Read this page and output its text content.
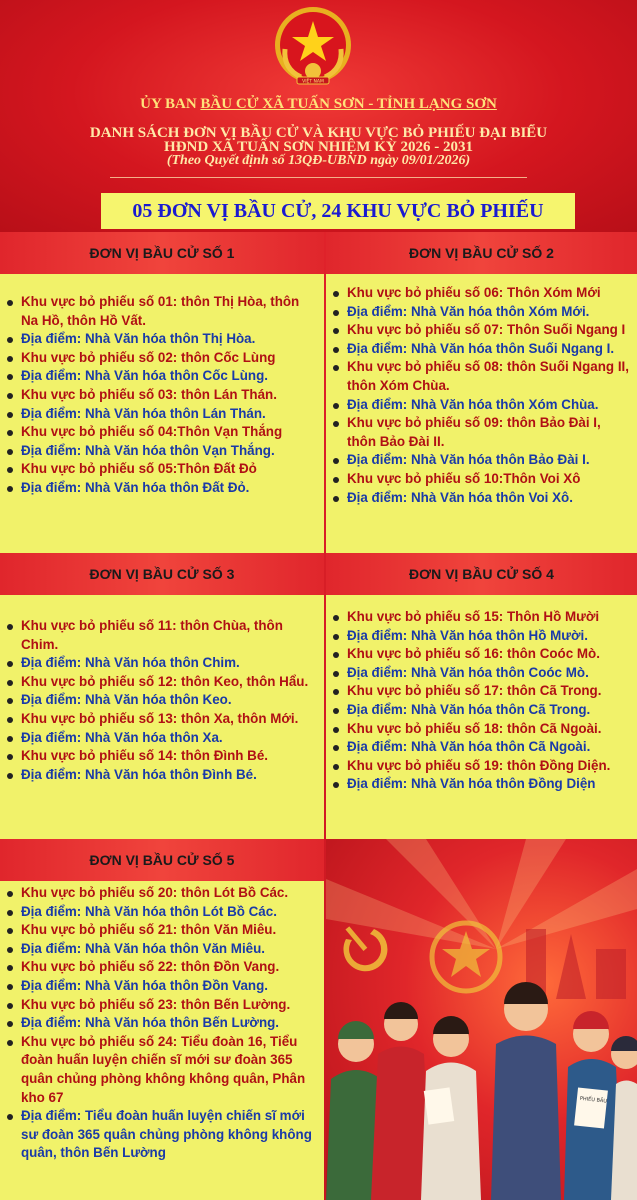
VIỆT NAM
ỦY BAN BẦU CỬ XÃ TUẤN SƠN - TỈNH LẠNG SƠN
DANH SÁCH ĐƠN VỊ BẦU CỬ VÀ KHU VỰC BỎ PHIẾU ĐẠI BIỂU
HĐND XÃ TUẤN SƠN NHIỆM KỲ 2026 - 2031
(Theo Quyết định số 13QĐ-UBND ngày 09/01/2026)
05 ĐƠN VỊ BẦU CỬ, 24 KHU VỰC BỎ PHIẾU
ĐƠN VỊ BẦU CỬ SỐ 1
Khu vực bỏ phiếu số 01: thôn Thị Hòa, thôn Na Hồ, thôn Hồ Vất.
Địa điểm: Nhà Văn hóa thôn Thị Hòa.
Khu vực bỏ phiếu số 02: thôn Cốc Lùng
Địa điểm: Nhà Văn hóa thôn Cốc Lùng.
Khu vực bỏ phiếu số 03: thôn Lán Thán.
Địa điểm: Nhà Văn hóa thôn Lán Thán.
Khu vực bỏ phiếu số 04:Thôn Vạn Thắng
Địa điểm: Nhà Văn hóa thôn Vạn Thắng.
Khu vực bỏ phiếu số 05:Thôn Đất Đỏ
Địa điểm: Nhà Văn hóa thôn Đất Đỏ.
ĐƠN VỊ BẦU CỬ SỐ 2
Khu vực bỏ phiếu số 06: Thôn Xóm Mới
Địa điểm: Nhà Văn hóa thôn Xóm Mới.
Khu vực bỏ phiếu số 07: Thôn Suối Ngang I
Địa điểm: Nhà Văn hóa thôn Suối Ngang I.
Khu vực bỏ phiếu số 08: thôn Suối Ngang II, thôn Xóm Chùa.
Địa điểm: Nhà Văn hóa thôn Xóm Chùa.
Khu vực bỏ phiếu số 09: thôn Bảo Đài I, thôn Bảo Đài II.
Địa điểm: Nhà Văn hóa thôn Bảo Đài I.
Khu vực bỏ phiếu số 10:Thôn Voi Xô
Địa điểm: Nhà Văn hóa thôn Voi Xô.
ĐƠN VỊ BẦU CỬ SỐ 3
Khu vực bỏ phiếu số 11: thôn Chùa, thôn Chim.
Địa điểm: Nhà Văn hóa thôn Chim.
Khu vực bỏ phiếu số 12: thôn Keo, thôn Hẩu.
Địa điểm: Nhà Văn hóa thôn Keo.
Khu vực bỏ phiếu số 13: thôn Xa, thôn Mới.
Địa điểm: Nhà Văn hóa thôn Xa.
Khu vực bỏ phiếu số 14: thôn Đình Bé.
Địa điểm: Nhà Văn hóa thôn Đình Bé.
ĐƠN VỊ BẦU CỬ SỐ 4
Khu vực bỏ phiếu số 15: Thôn Hồ Mười
Địa điểm: Nhà Văn hóa thôn Hồ Mười.
Khu vực bỏ phiếu số 16: thôn Coóc Mò.
Địa điểm: Nhà Văn hóa thôn Coóc Mò.
Khu vực bỏ phiếu số 17: thôn Cã Trong.
Địa điểm: Nhà Văn hóa thôn Cã Trong.
Khu vực bỏ phiếu số 18: thôn Cã Ngoài.
Địa điểm: Nhà Văn hóa thôn Cã Ngoài.
Khu vực bỏ phiếu số 19: thôn Đồng Diện.
Địa điểm: Nhà Văn hóa thôn Đồng Diện
ĐƠN VỊ BẦU CỬ SỐ 5
Khu vực bỏ phiếu số 20: thôn Lót Bồ Các.
Địa điểm: Nhà Văn hóa thôn Lót Bồ Các.
Khu vực bỏ phiếu số 21: thôn Văn Miêu.
Địa điểm: Nhà Văn hóa thôn Văn Miêu.
Khu vực bỏ phiếu số 22: thôn Đồn Vang.
Địa điểm: Nhà Văn hóa thôn Đồn Vang.
Khu vực bỏ phiếu số 23: thôn Bến Lường.
Địa điểm: Nhà Văn hóa thôn Bến Lường.
Khu vực bỏ phiếu số 24: Tiểu đoàn 16, Tiểu đoàn huấn luyện chiến sĩ mới sư đoàn 365 quân chủng phòng không không quân, Phân kho 67
Địa điểm: Tiểu đoàn huấn luyện chiến sĩ mới sư đoàn 365 quân chủng phòng không không quân, thôn Bến Lường
PHIẾU BẦU
